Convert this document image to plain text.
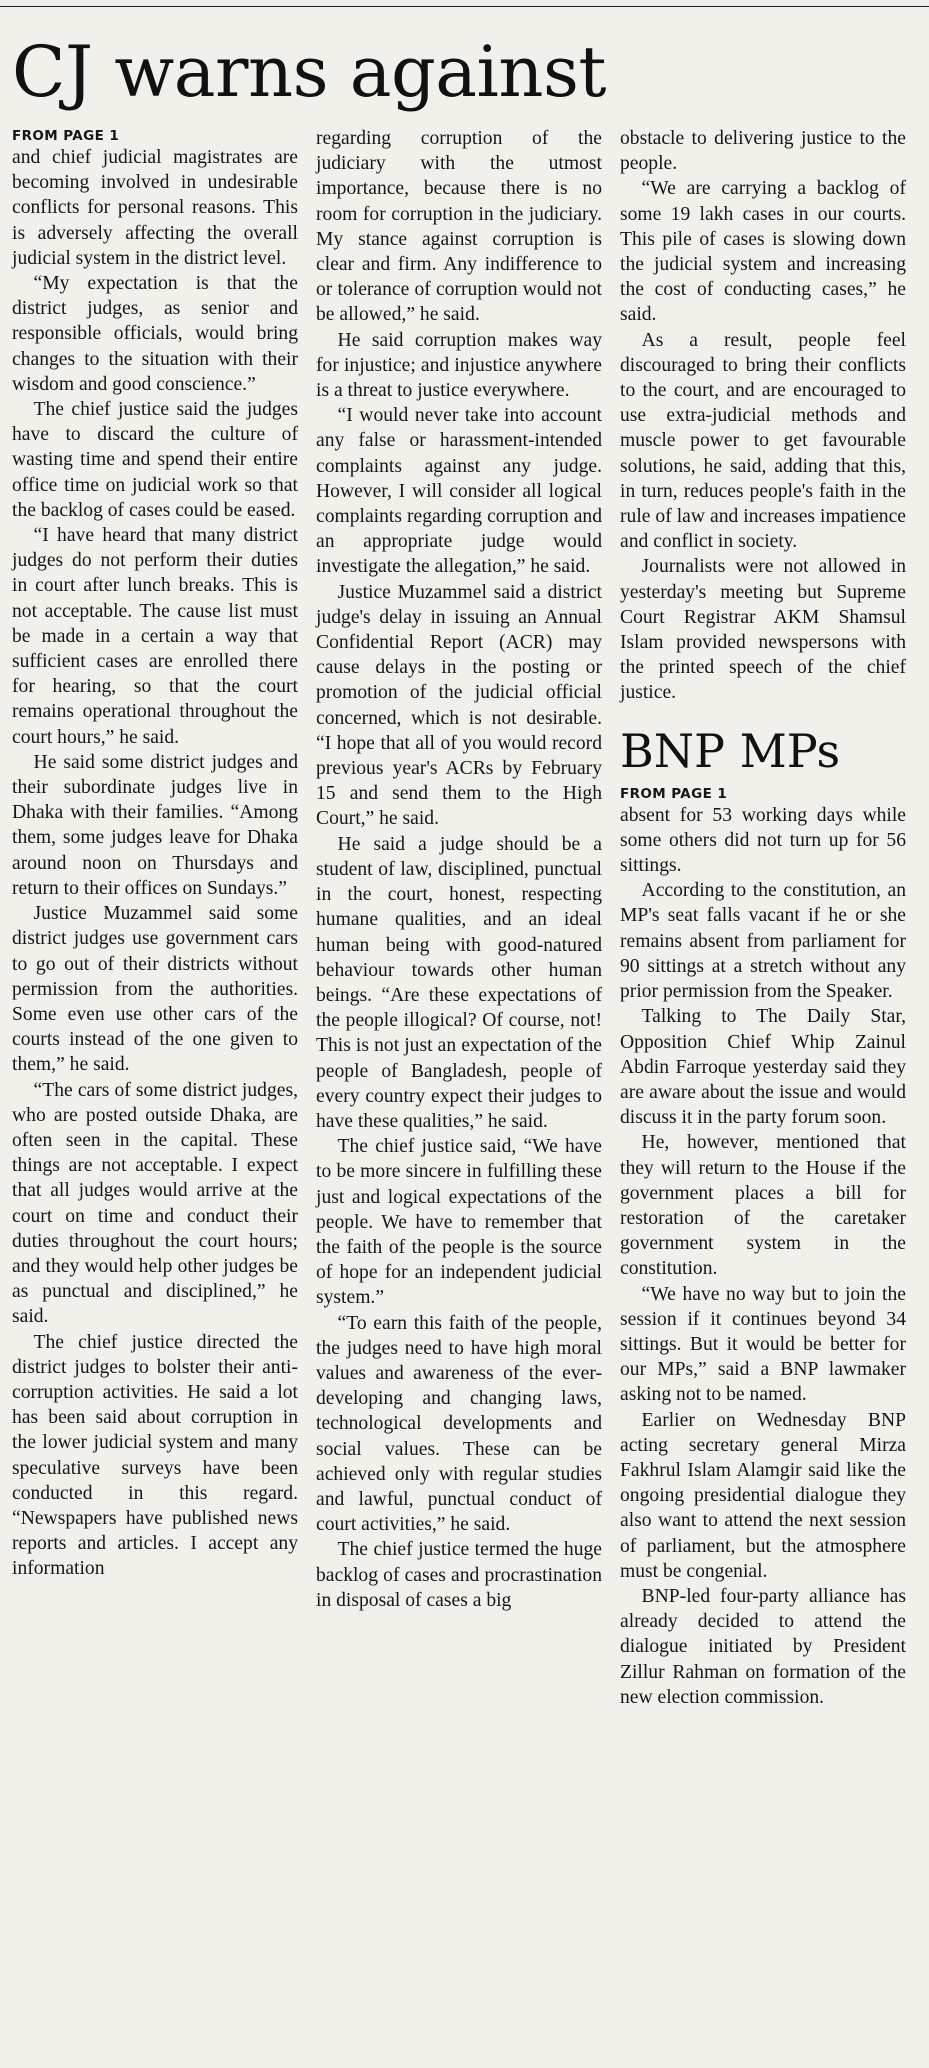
CJ warns against
FROM PAGE 1

and chief judicial magistrates are becoming involved in undesirable conflicts for personal reasons. This is adversely affecting the overall judicial system in the district level.

“My expectation is that the district judges, as senior and responsible officials, would bring changes to the situation with their wisdom and good conscience.”

The chief justice said the judges have to discard the culture of wasting time and spend their entire office time on judicial work so that the backlog of cases could be eased.

“I have heard that many district judges do not perform their duties in court after lunch breaks. This is not acceptable. The cause list must be made in a certain a way that sufficient cases are enrolled there for hearing, so that the court remains operational throughout the court hours,” he said.

He said some district judges and their subordinate judges live in Dhaka with their families. “Among them, some judges leave for Dhaka around noon on Thursdays and return to their offices on Sundays.”

Justice Muzammel said some district judges use government cars to go out of their districts without permission from the authorities. Some even use other cars of the courts instead of the one given to them,” he said.

“The cars of some district judges, who are posted outside Dhaka, are often seen in the capital. These things are not acceptable. I expect that all judges would arrive at the court on time and conduct their duties throughout the court hours; and they would help other judges be as punctual and disciplined,” he said.

The chief justice directed the district judges to bolster their anti-corruption activities. He said a lot has been said about corruption in the lower judicial system and many speculative surveys have been conducted in this regard. “Newspapers have published news reports and articles. I accept any information

regarding corruption of the judiciary with the utmost importance, because there is no room for corruption in the judiciary. My stance against corruption is clear and firm. Any indifference to or tolerance of corruption would not be allowed,” he said.

He said corruption makes way for injustice; and injustice anywhere is a threat to justice everywhere.

“I would never take into account any false or harassment-intended complaints against any judge. However, I will consider all logical complaints regarding corruption and an appropriate judge would investigate the allegation,” he said.

Justice Muzammel said a district judge's delay in issuing an Annual Confidential Report (ACR) may cause delays in the posting or promotion of the judicial official concerned, which is not desirable. “I hope that all of you would record previous year's ACRs by February 15 and send them to the High Court,” he said.

He said a judge should be a student of law, disciplined, punctual in the court, honest, respecting humane qualities, and an ideal human being with good-natured behaviour towards other human beings. “Are these expectations of the people illogical? Of course, not! This is not just an expectation of the people of Bangladesh, people of every country expect their judges to have these qualities,” he said.

The chief justice said, “We have to be more sincere in fulfilling these just and logical expectations of the people. We have to remember that the faith of the people is the source of hope for an independent judicial system.”

“To earn this faith of the people, the judges need to have high moral values and awareness of the ever-developing and changing laws, technological developments and social values. These can be achieved only with regular studies and lawful, punctual conduct of court activities,” he said.

The chief justice termed the huge backlog of cases and procrastination in disposal of cases a big

obstacle to delivering justice to the people.

“We are carrying a backlog of some 19 lakh cases in our courts. This pile of cases is slowing down the judicial system and increasing the cost of conducting cases,” he said.

As a result, people feel discouraged to bring their conflicts to the court, and are encouraged to use extra-judicial methods and muscle power to get favourable solutions, he said, adding that this, in turn, reduces people's faith in the rule of law and increases impatience and conflict in society.

Journalists were not allowed in yesterday's meeting but Supreme Court Registrar AKM Shamsul Islam provided newspersons with the printed speech of the chief justice.

BNP MPs
FROM PAGE 1

absent for 53 working days while some others did not turn up for 56 sittings.

According to the constitution, an MP's seat falls vacant if he or she remains absent from parliament for 90 sittings at a stretch without any prior permission from the Speaker.

Talking to The Daily Star, Opposition Chief Whip Zainul Abdin Farroque yesterday said they are aware about the issue and would discuss it in the party forum soon.

He, however, mentioned that they will return to the House if the government places a bill for restoration of the caretaker government system in the constitution.

“We have no way but to join the session if it continues beyond 34 sittings. But it would be better for our MPs,” said a BNP lawmaker asking not to be named.

Earlier on Wednesday BNP acting secretary general Mirza Fakhrul Islam Alamgir said like the ongoing presidential dialogue they also want to attend the next session of parliament, but the atmosphere must be congenial.

BNP-led four-party alliance has already decided to attend the dialogue initiated by President Zillur Rahman on formation of the new election commission.
